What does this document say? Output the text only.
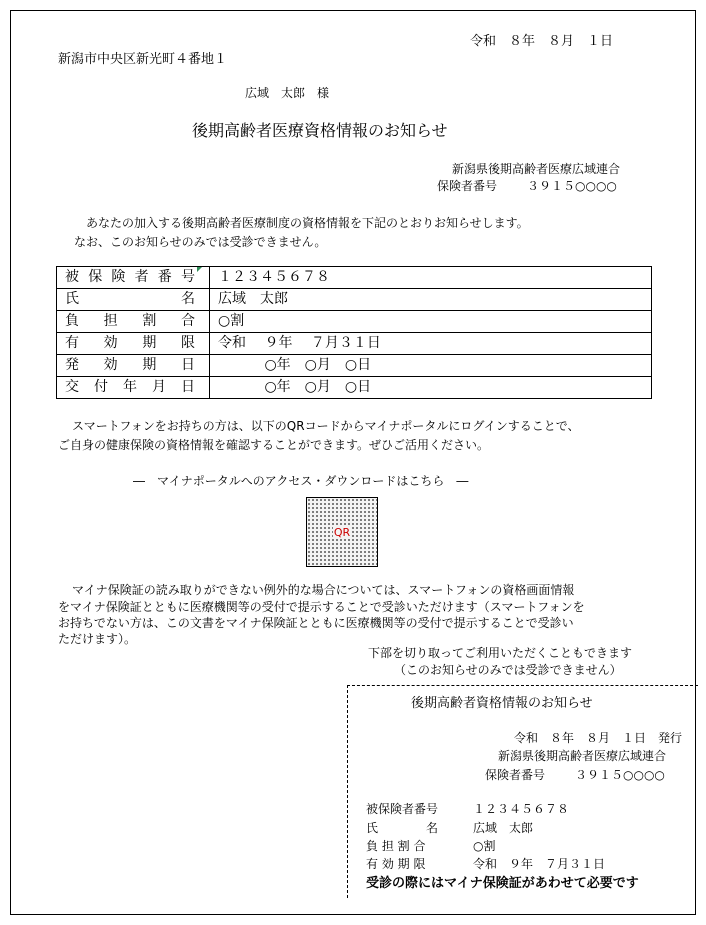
令和　８年　８月　１日
新潟市中央区新光町４番地１
広域　太郎　様
後期高齢者医療資格情報のお知らせ
新潟県後期高齢者医療広域連合
保険者番号	３９１５○○○○
あなたの加入する後期高齢者医療制度の資格情報を下記のとおりお知らせします。
なお、このお知らせのみでは受診できません。
被保険者番号	１２３４５６７８
氏名	広域　太郎
負担割合	○割
有効期限	令和　 ９年　 ７月３１日
発効期日	　　　 ○年　○月　○日
交付年月日	　　　 ○年　○月　○日
スマートフォンをお持ちの方は、以下のQRコードからマイナポータルにログインすることで、
ご自身の健康保険の資格情報を確認することができます。ぜひご活用ください。
―　マイナポータルへのアクセス・ダウンロードはこちら　―
QR
マイナ保険証の読み取りができない例外的な場合については、スマートフォンの資格画面情報
をマイナ保険証とともに医療機関等の受付で提示することで受診いただけます（スマートフォンを
お持ちでない方は、この文書をマイナ保険証とともに医療機関等の受付で提示することで受診い
ただけます）。
下部を切り取ってご利用いただくこともできます
（このお知らせのみでは受診できません）
後期高齢者資格情報のお知らせ
令和　８年　８月　１日　発行
新潟県後期高齢者医療広域連合
保険者番号	３９１５○○○○
被保険者番号	１２３４５６７８
氏　　　　名	広域　太郎
負 担 割 合	○割
有 効 期 限	令和　９年　７月３１日
受診の際にはマイナ保険証があわせて必要です
